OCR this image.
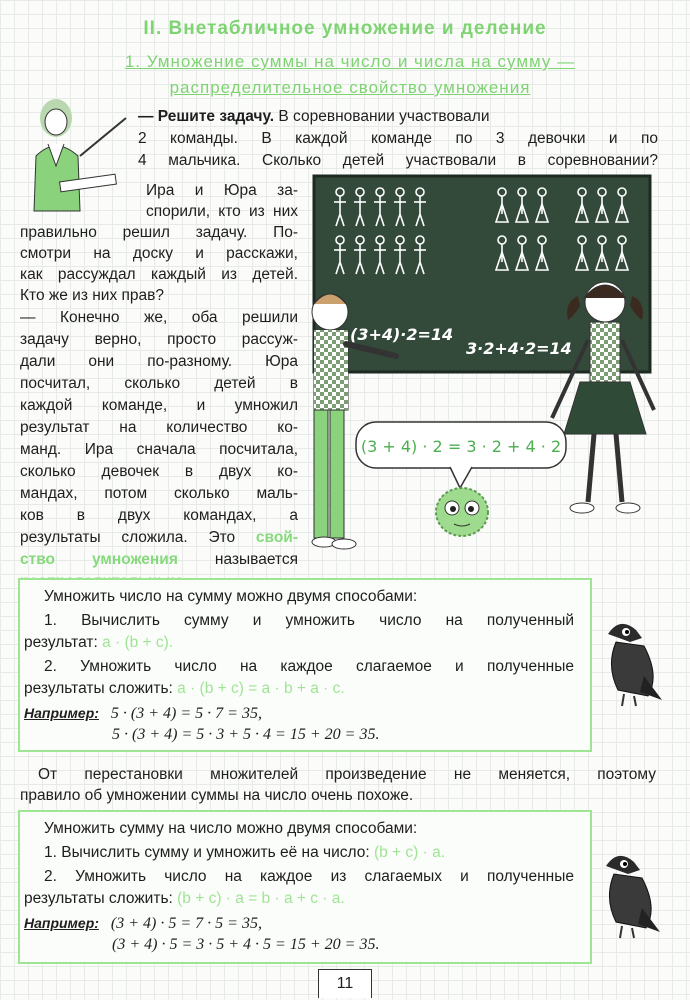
II. Внетабличное умножение и деление
1. Умножение суммы на число и числа на сумму —
распределительное свойство умножения
— Решите задачу. В соревновании участвовали
2 команды. В каждой команде по 3 девочки и по
4 мальчика. Сколько детей участвовали в соревновании?
Ира и Юра за-
спорили, кто из них
правильно решил задачу. По-
смотри на доску и расскажи,
как рассуждал каждый из детей.
Кто же из них прав?
— Конечно же, оба решили
задачу верно, просто рассуж-
дали они по-разному. Юра
посчитал, сколько детей в
каждой команде, и умножил
результат на количество ко-
манд. Ира сначала посчитала,
сколько девочек в двух ко-
мандах, потом сколько маль-
ков в двух командах, а
результаты сложила. Это свой-
ство умножения называется
(3+4)·2=14
3·2+4·2=14
(3 + 4) · 2 = 3 · 2 + 4 · 2
Умножить число на сумму можно двумя способами:
1. Вычислить сумму и умножить число на полученный
результат: a · (b + c).
2. Умножить число на каждое слагаемое и полученные
результаты сложить: a · (b + c) = a · b + a · c.
Например: 5 · (3 + 4) = 5 · 7 = 35,
5 · (3 + 4) = 5 · 3 + 5 · 4 = 15 + 20 = 35.
От перестановки множителей произведение не меняется, поэтому
правило об умножении суммы на число очень похоже.
Умножить сумму на число можно двумя способами:
1. Вычислить сумму и умножить её на число: (b + c) · a.
2. Умножить число на каждое из слагаемых и полученные
результаты сложить: (b + c) · a = b · a + c · a.
Например: (3 + 4) · 5 = 7 · 5 = 35,
(3 + 4) · 5 = 3 · 5 + 4 · 5 = 15 + 20 = 35.
11
